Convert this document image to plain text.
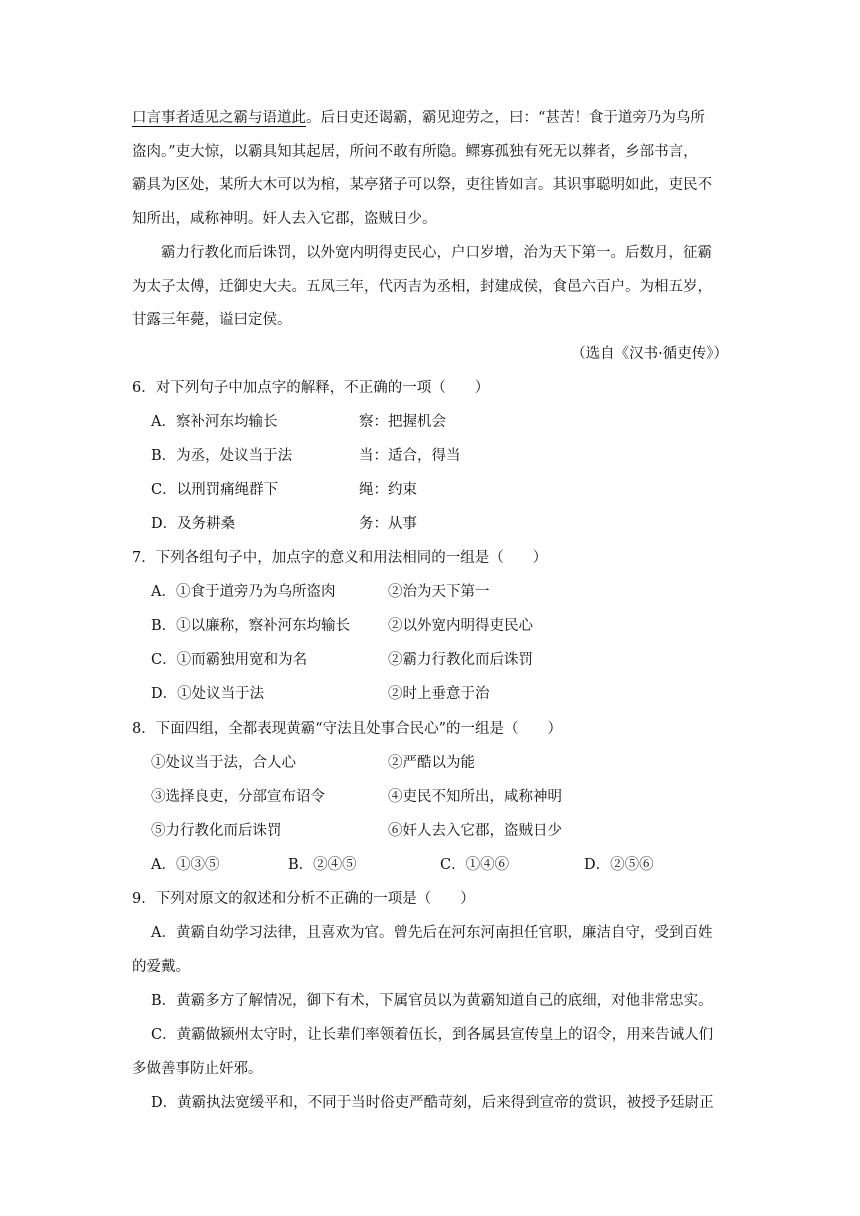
口言事者适见之霸与语道此。后日吏还谒霸，霸见迎劳之，曰：“甚苦！食于道旁乃为乌所
盗肉。”吏大惊，以霸具知其起居，所问不敢有所隐。鳏寡孤独有死无以葬者，乡部书言，
霸具为区处，某所大木可以为棺，某亭猪子可以祭，吏往皆如言。其识事聪明如此，吏民不
知所出，咸称神明。奸人去入它郡，盗贼日少。
霸力行教化而后诛罚，以外宽内明得吏民心，户口岁增，治为天下第一。后数月，征霸
为太子太傅，迁御史大夫。五凤三年，代丙吉为丞相，封建成侯，食邑六百户。为相五岁，
甘露三年薨，谥曰定侯。
（选自《汉书·循吏传》）
6．对下列句子中加点字的解释，不正确的一项（　　）
A．察补河东均输长	察：把握机会
B．为丞，处议当于法	当：适合，得当
C．以刑罚痛绳群下	绳：约束
D．及务耕桑	务：从事
7．下列各组句子中，加点字的意义和用法相同的一组是（　　）
A．①食于道旁乃为乌所盗肉	②治为天下第一
B．①以廉称，察补河东均输长	②以外宽内明得吏民心
C．①而霸独用宽和为名	②霸力行教化而后诛罚
D．①处议当于法	②时上垂意于治
8．下面四组，全都表现黄霸“守法且处事合民心”的一组是（　　）
①处议当于法，合人心	②严酷以为能
③选择良吏，分部宣布诏令	④吏民不知所出，咸称神明
⑤力行教化而后诛罚	⑥奸人去入它郡，盗贼日少
A．①③⑤	B．②④⑤	C．①④⑥	D．②⑤⑥
9．下列对原文的叙述和分析不正确的一项是（　　）
A．黄霸自幼学习法律，且喜欢为官。曾先后在河东河南担任官职，廉洁自守，受到百姓
的爱戴。
B．黄霸多方了解情况，御下有术，下属官员以为黄霸知道自己的底细，对他非常忠实。
C．黄霸做颍州太守时，让长辈们率领着伍长，到各属县宣传皇上的诏令，用来告诫人们
多做善事防止奸邪。
D．黄霸执法宽缓平和，不同于当时俗吏严酷苛刻，后来得到宣帝的赏识，被授予廷尉正
